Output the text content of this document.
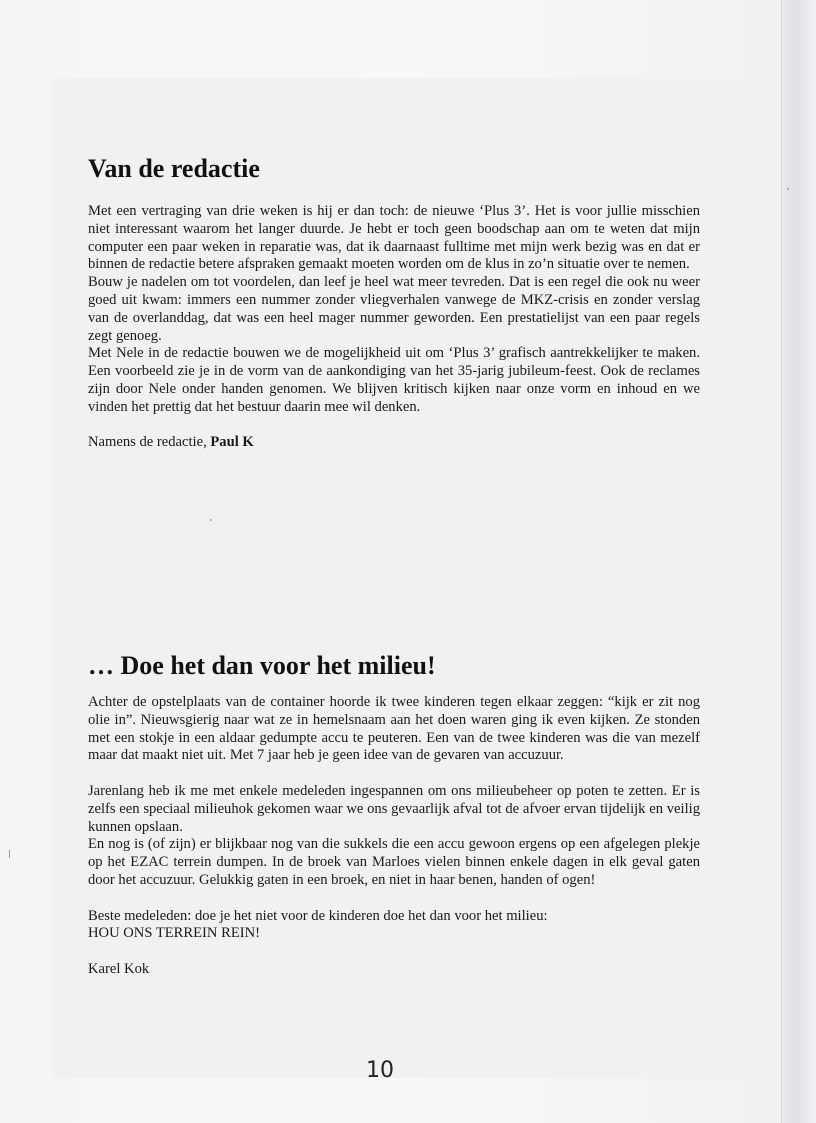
Van de redactie

Met een vertraging van drie weken is hij er dan toch: de nieuwe ‘Plus 3’. Het is voor jullie misschien niet interessant waarom het langer duurde. Je hebt er toch geen boodschap aan om te weten dat mijn computer een paar weken in reparatie was, dat ik daarnaast fulltime met mijn werk bezig was en dat er binnen de redactie betere afspraken gemaakt moeten worden om de klus in zo’n situatie over te nemen.

Bouw je nadelen om tot voordelen, dan leef je heel wat meer tevreden. Dat is een regel die ook nu weer goed uit kwam: immers een nummer zonder vliegverhalen vanwege de MKZ-crisis en zonder verslag van de overlanddag, dat was een heel mager nummer geworden. Een prestatielijst van een paar regels zegt genoeg.

Met Nele in de redactie bouwen we de mogelijkheid uit om ‘Plus 3’ grafisch aantrekkelijker te maken. Een voorbeeld zie je in de vorm van de aankondiging van het 35-jarig jubileum-feest. Ook de reclames zijn door Nele onder handen genomen. We blijven kritisch kijken naar onze vorm en inhoud en we vinden het prettig dat het bestuur daarin mee wil denken.

Namens de redactie, Paul K

… Doe het dan voor het milieu!

Achter de opstelplaats van de container hoorde ik twee kinderen tegen elkaar zeggen: “kijk er zit nog olie in”. Nieuwsgierig naar wat ze in hemelsnaam aan het doen waren ging ik even kijken. Ze stonden met een stokje in een aldaar gedumpte accu te peuteren. Een van de twee kinderen was die van mezelf maar dat maakt niet uit. Met 7 jaar heb je geen idee van de gevaren van accuzuur.

Jarenlang heb ik me met enkele medeleden ingespannen om ons milieubeheer op poten te zetten. Er is zelfs een speciaal milieuhok gekomen waar we ons gevaarlijk afval tot de afvoer ervan tijdelijk en veilig kunnen opslaan.

En nog is (of zijn) er blijkbaar nog van die sukkels die een accu gewoon ergens op een afgelegen plekje op het EZAC terrein dumpen. In de broek van Marloes vielen binnen enkele dagen in elk geval gaten door het accuzuur. Gelukkig gaten in een broek, en niet in haar benen, handen of ogen!

Beste medeleden: doe je het niet voor de kinderen doe het dan voor het milieu:

HOU ONS TERREIN REIN!

Karel Kok

10
